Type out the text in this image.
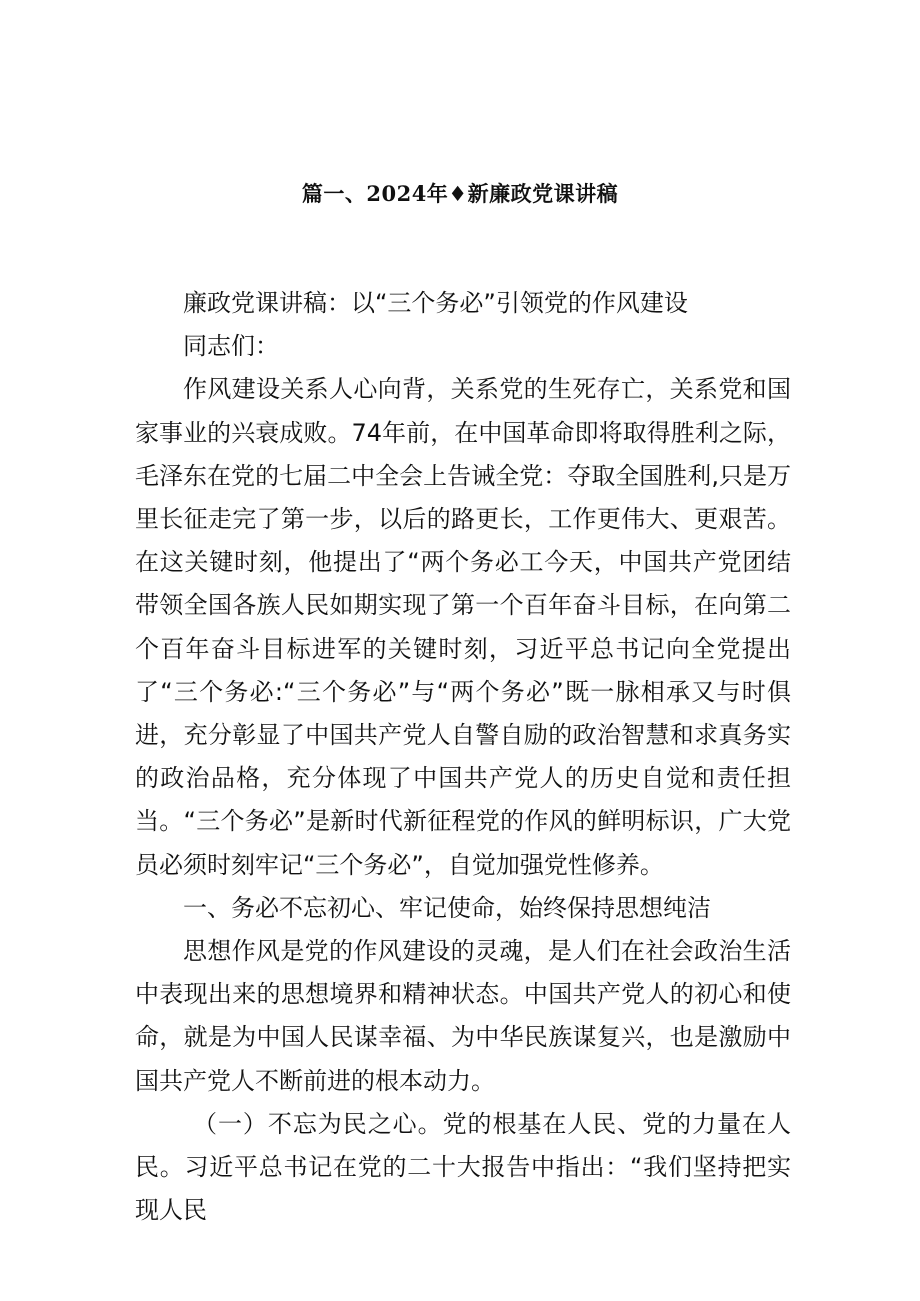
篇一、2024年♦新廉政党课讲稿

廉政党课讲稿：以“三个务必”引领党的作风建设

同志们：

作风建设关系人心向背，关系党的生死存亡，关系党和国家事业的兴衰成败。74年前，在中国革命即将取得胜利之际，毛泽东在党的七届二中全会上告诫全党：夺取全国胜利,只是万里长征走完了第一步，以后的路更长，工作更伟大、更艰苦。在这关键时刻，他提出了“两个务必工今天，中国共产党团结带领全国各族人民如期实现了第一个百年奋斗目标，在向第二个百年奋斗目标进军的关键时刻，习近平总书记向全党提出了“三个务必:“三个务必”与“两个务必”既一脉相承又与时俱进，充分彰显了中国共产党人自警自励的政治智慧和求真务实的政治品格，充分体现了中国共产党人的历史自觉和责任担当。“三个务必”是新时代新征程党的作风的鲜明标识，广大党员必须时刻牢记“三个务必”，自觉加强党性修养。

一、务必不忘初心、牢记使命，始终保持思想纯洁

思想作风是党的作风建设的灵魂，是人们在社会政治生活中表现出来的思想境界和精神状态。中国共产党人的初心和使命，就是为中国人民谋幸福、为中华民族谋复兴，也是激励中国共产党人不断前进的根本动力。

（一）不忘为民之心。党的根基在人民、党的力量在人民。习近平总书记在党的二十大报告中指出：“我们坚持把实现人民
